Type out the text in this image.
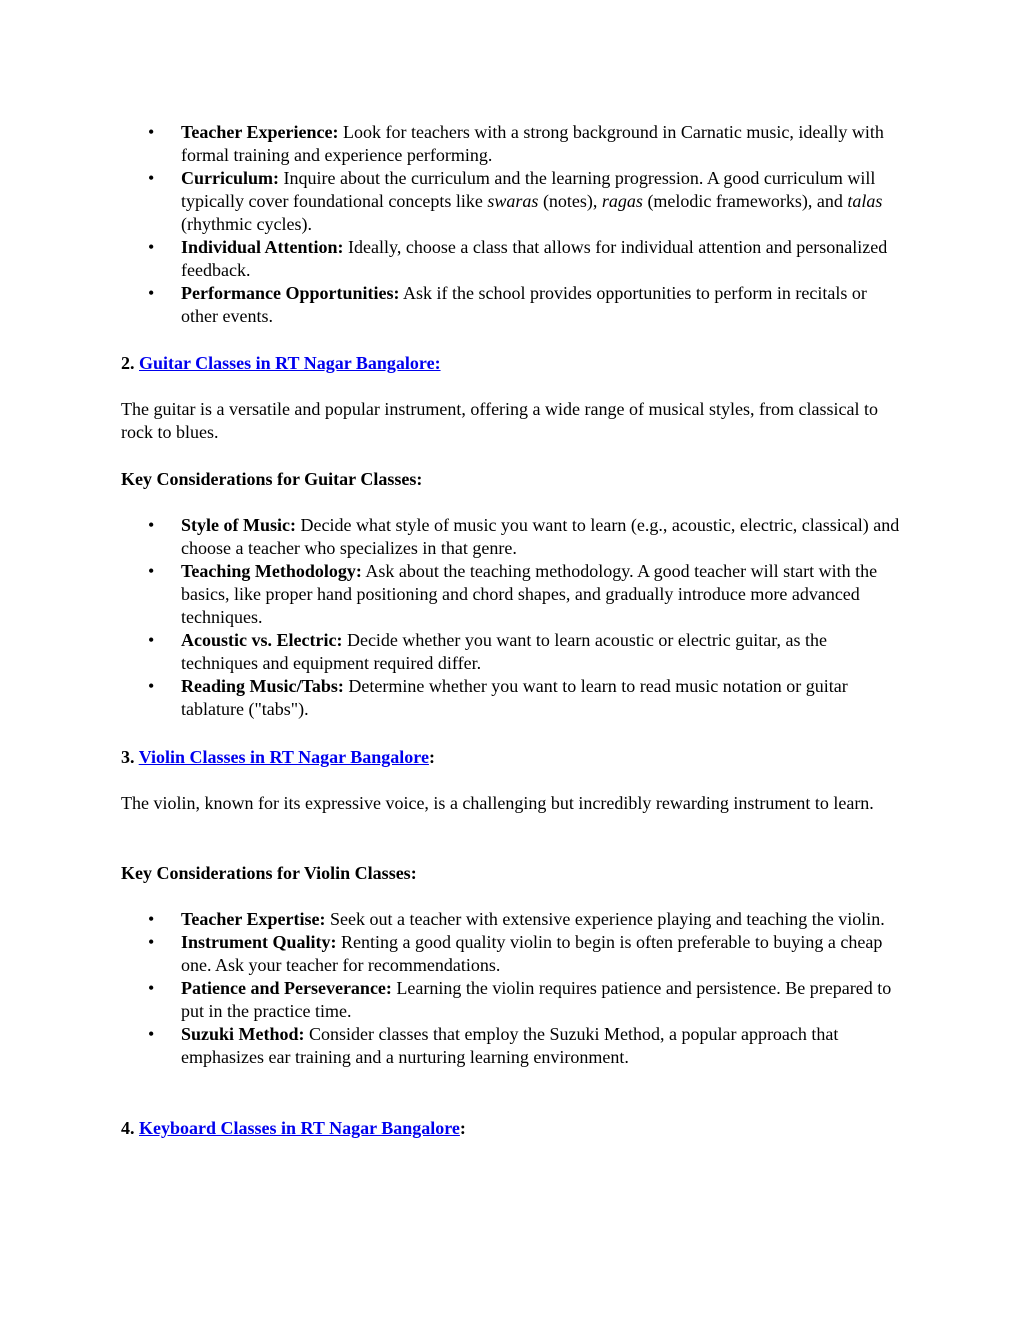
• Teacher Experience: Look for teachers with a strong background in Carnatic music, ideally with formal training and experience performing.
• Curriculum: Inquire about the curriculum and the learning progression. A good curriculum will typically cover foundational concepts like swaras (notes), ragas (melodic frameworks), and talas (rhythmic cycles).
• Individual Attention: Ideally, choose a class that allows for individual attention and personalized feedback.
• Performance Opportunities: Ask if the school provides opportunities to perform in recitals or other events.

2. Guitar Classes in RT Nagar Bangalore:

The guitar is a versatile and popular instrument, offering a wide range of musical styles, from classical to rock to blues.

Key Considerations for Guitar Classes:

• Style of Music: Decide what style of music you want to learn (e.g., acoustic, electric, classical) and choose a teacher who specializes in that genre.
• Teaching Methodology: Ask about the teaching methodology. A good teacher will start with the basics, like proper hand positioning and chord shapes, and gradually introduce more advanced techniques.
• Acoustic vs. Electric: Decide whether you want to learn acoustic or electric guitar, as the techniques and equipment required differ.
• Reading Music/Tabs: Determine whether you want to learn to read music notation or guitar tablature ("tabs").

3. Violin Classes in RT Nagar Bangalore:

The violin, known for its expressive voice, is a challenging but incredibly rewarding instrument to learn.

Key Considerations for Violin Classes:

• Teacher Expertise: Seek out a teacher with extensive experience playing and teaching the violin.
• Instrument Quality: Renting a good quality violin to begin is often preferable to buying a cheap one. Ask your teacher for recommendations.
• Patience and Perseverance: Learning the violin requires patience and persistence. Be prepared to put in the practice time.
• Suzuki Method: Consider classes that employ the Suzuki Method, a popular approach that emphasizes ear training and a nurturing learning environment.

4. Keyboard Classes in RT Nagar Bangalore:
